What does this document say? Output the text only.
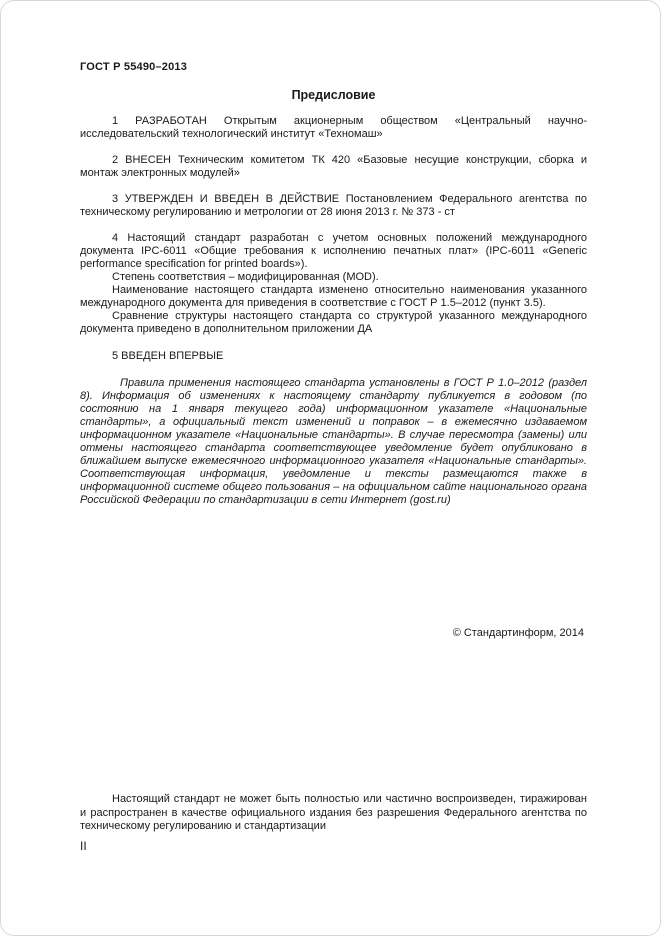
ГОСТ Р 55490–2013
Предисловие

1 РАЗРАБОТАН Открытым акционерным обществом «Центральный научно-исследовательский технологический институт «Техномаш»

2 ВНЕСЕН Техническим комитетом ТК 420 «Базовые несущие конструкции, сборка и монтаж электронных модулей»

3 УТВЕРЖДЕН И ВВЕДЕН В ДЕЙСТВИЕ Постановлением Федерального агентства по техническому регулированию и метрологии от 28 июня 2013 г. № 373 - ст

4 Настоящий стандарт разработан с учетом основных положений международного документа IPC-6011 «Общие требования к исполнению печатных плат» (IPC-6011 «Generic performance specification for printed boards»).

Степень соответствия – модифицированная (MOD).

Наименование настоящего стандарта изменено относительно наименования указанного международного документа для приведения в соответствие с ГОСТ Р 1.5–2012 (пункт 3.5).

Сравнение структуры настоящего стандарта со структурой указанного международного документа приведено в дополнительном приложении ДА

5 ВВЕДЕН ВПЕРВЫЕ

Правила применения настоящего стандарта установлены в ГОСТ Р 1.0–2012 (раздел 8). Информация об изменениях к настоящему стандарту публикуется в годовом (по состоянию на 1 января текущего года) информационном указателе «Национальные стандарты», а официальный текст изменений и поправок – в ежемесячно издаваемом информационном указателе «Национальные стандарты». В случае пересмотра (замены) или отмены настоящего стандарта соответствующее уведомление будет опубликовано в ближайшем выпуске ежемесячного информационного указателя «Национальные стандарты». Соответствующая информация, уведомление и тексты размещаются также в информационной системе общего пользования – на официальном сайте национального органа Российской Федерации по стандартизации в сети Интернет (gost.ru)

© Стандартинформ, 2014

Настоящий стандарт не может быть полностью или частично воспроизведен, тиражирован и распространен в качестве официального издания без разрешения Федерального агентства по техническому регулированию и стандартизации

II
